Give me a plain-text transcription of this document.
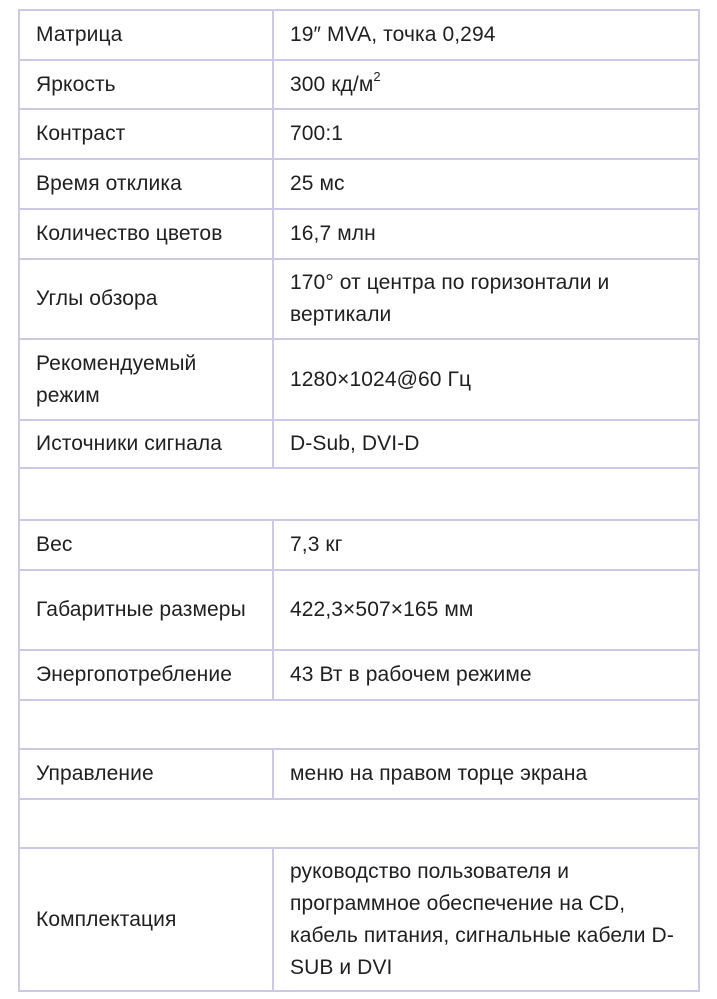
Матрица	19″ MVA, точка 0,294
Яркость	300 $кд/м^2$
Контраст	700:1
Время отклика	25 мс
Количество цветов	16,7 млн
Углы обзора	170° от центра по горизонтали и вертикали
Рекомендуемый режим	1280×1024@60 Гц
Источники сигнала	D-Sub, DVI-D

Вес	7,3 кг
Габаритные размеры	422,3×507×165 мм
Энергопотребление	43 Вт в рабочем режиме

Управление	меню на правом торце экрана

Комплектация	руководство пользователя и программное обеспечение на CD, кабель питания, сигнальные кабели D-SUB и DVI
